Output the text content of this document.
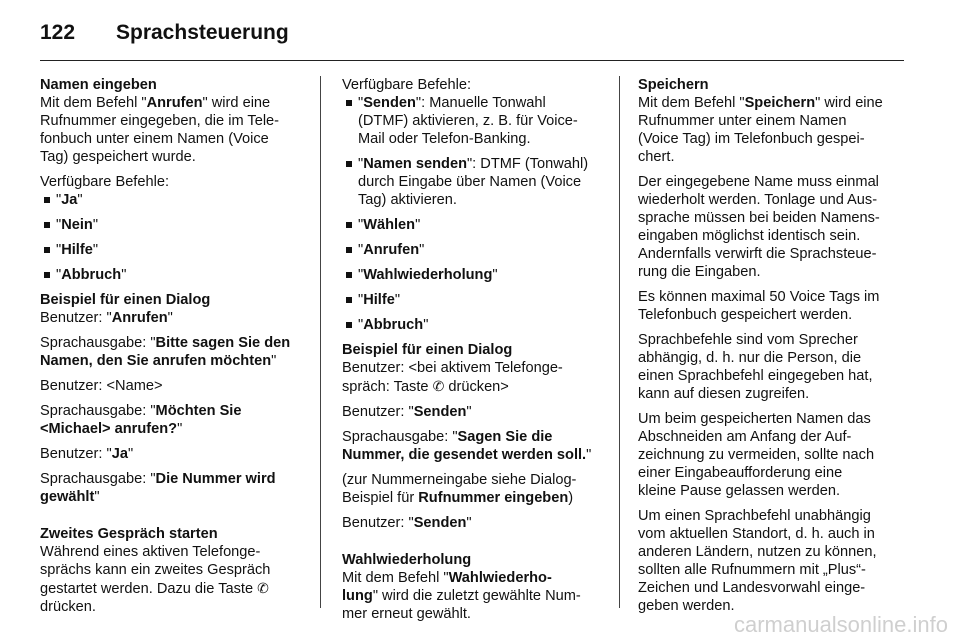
122	Sprachsteuerung
Namen eingeben
Mit dem Befehl "Anrufen" wird eine
Rufnummer eingegeben, die im Tele-
fonbuch unter einem Namen (Voice
Tag) gespeichert wurde.
Verfügbare Befehle:
"Ja"
"Nein"
"Hilfe"
"Abbruch"
Beispiel für einen Dialog
Benutzer: "Anrufen"
Sprachausgabe: "Bitte sagen Sie den
Namen, den Sie anrufen möchten"
Benutzer: <Name>
Sprachausgabe: "Möchten Sie
<Michael> anrufen?"
Benutzer: "Ja"
Sprachausgabe: "Die Nummer wird
gewählt"
Zweites Gespräch starten
Während eines aktiven Telefonge-
sprächs kann ein zweites Gespräch
gestartet werden. Dazu die Taste ✆
drücken.
Verfügbare Befehle:
"Senden": Manuelle Tonwahl
(DTMF) aktivieren, z. B. für Voice-
Mail oder Telefon-Banking.
"Namen senden": DTMF (Tonwahl)
durch Eingabe über Namen (Voice
Tag) aktivieren.
"Wählen"
"Anrufen"
"Wahlwiederholung"
"Hilfe"
"Abbruch"
Beispiel für einen Dialog
Benutzer: <bei aktivem Telefonge-
spräch: Taste ✆ drücken>
Benutzer: "Senden"
Sprachausgabe: "Sagen Sie die
Nummer, die gesendet werden soll."
(zur Nummerneingabe siehe Dialog-
Beispiel für Rufnummer eingeben)
Benutzer: "Senden"
Wahlwiederholung
Mit dem Befehl "Wahlwiederho-
lung" wird die zuletzt gewählte Num-
mer erneut gewählt.
Speichern
Mit dem Befehl "Speichern" wird eine
Rufnummer unter einem Namen
(Voice Tag) im Telefonbuch gespei-
chert.
Der eingegebene Name muss einmal
wiederholt werden. Tonlage und Aus-
sprache müssen bei beiden Namens-
eingaben möglichst identisch sein.
Andernfalls verwirft die Sprachsteue-
rung die Eingaben.
Es können maximal 50 Voice Tags im
Telefonbuch gespeichert werden.
Sprachbefehle sind vom Sprecher
abhängig, d. h. nur die Person, die
einen Sprachbefehl eingegeben hat,
kann auf diesen zugreifen.
Um beim gespeicherten Namen das
Abschneiden am Anfang der Auf-
zeichnung zu vermeiden, sollte nach
einer Eingabeaufforderung eine
kleine Pause gelassen werden.
Um einen Sprachbefehl unabhängig
vom aktuellen Standort, d. h. auch in
anderen Ländern, nutzen zu können,
sollten alle Rufnummern mit „Plus“-
Zeichen und Landesvorwahl einge-
geben werden.
carmanualsonline.info
